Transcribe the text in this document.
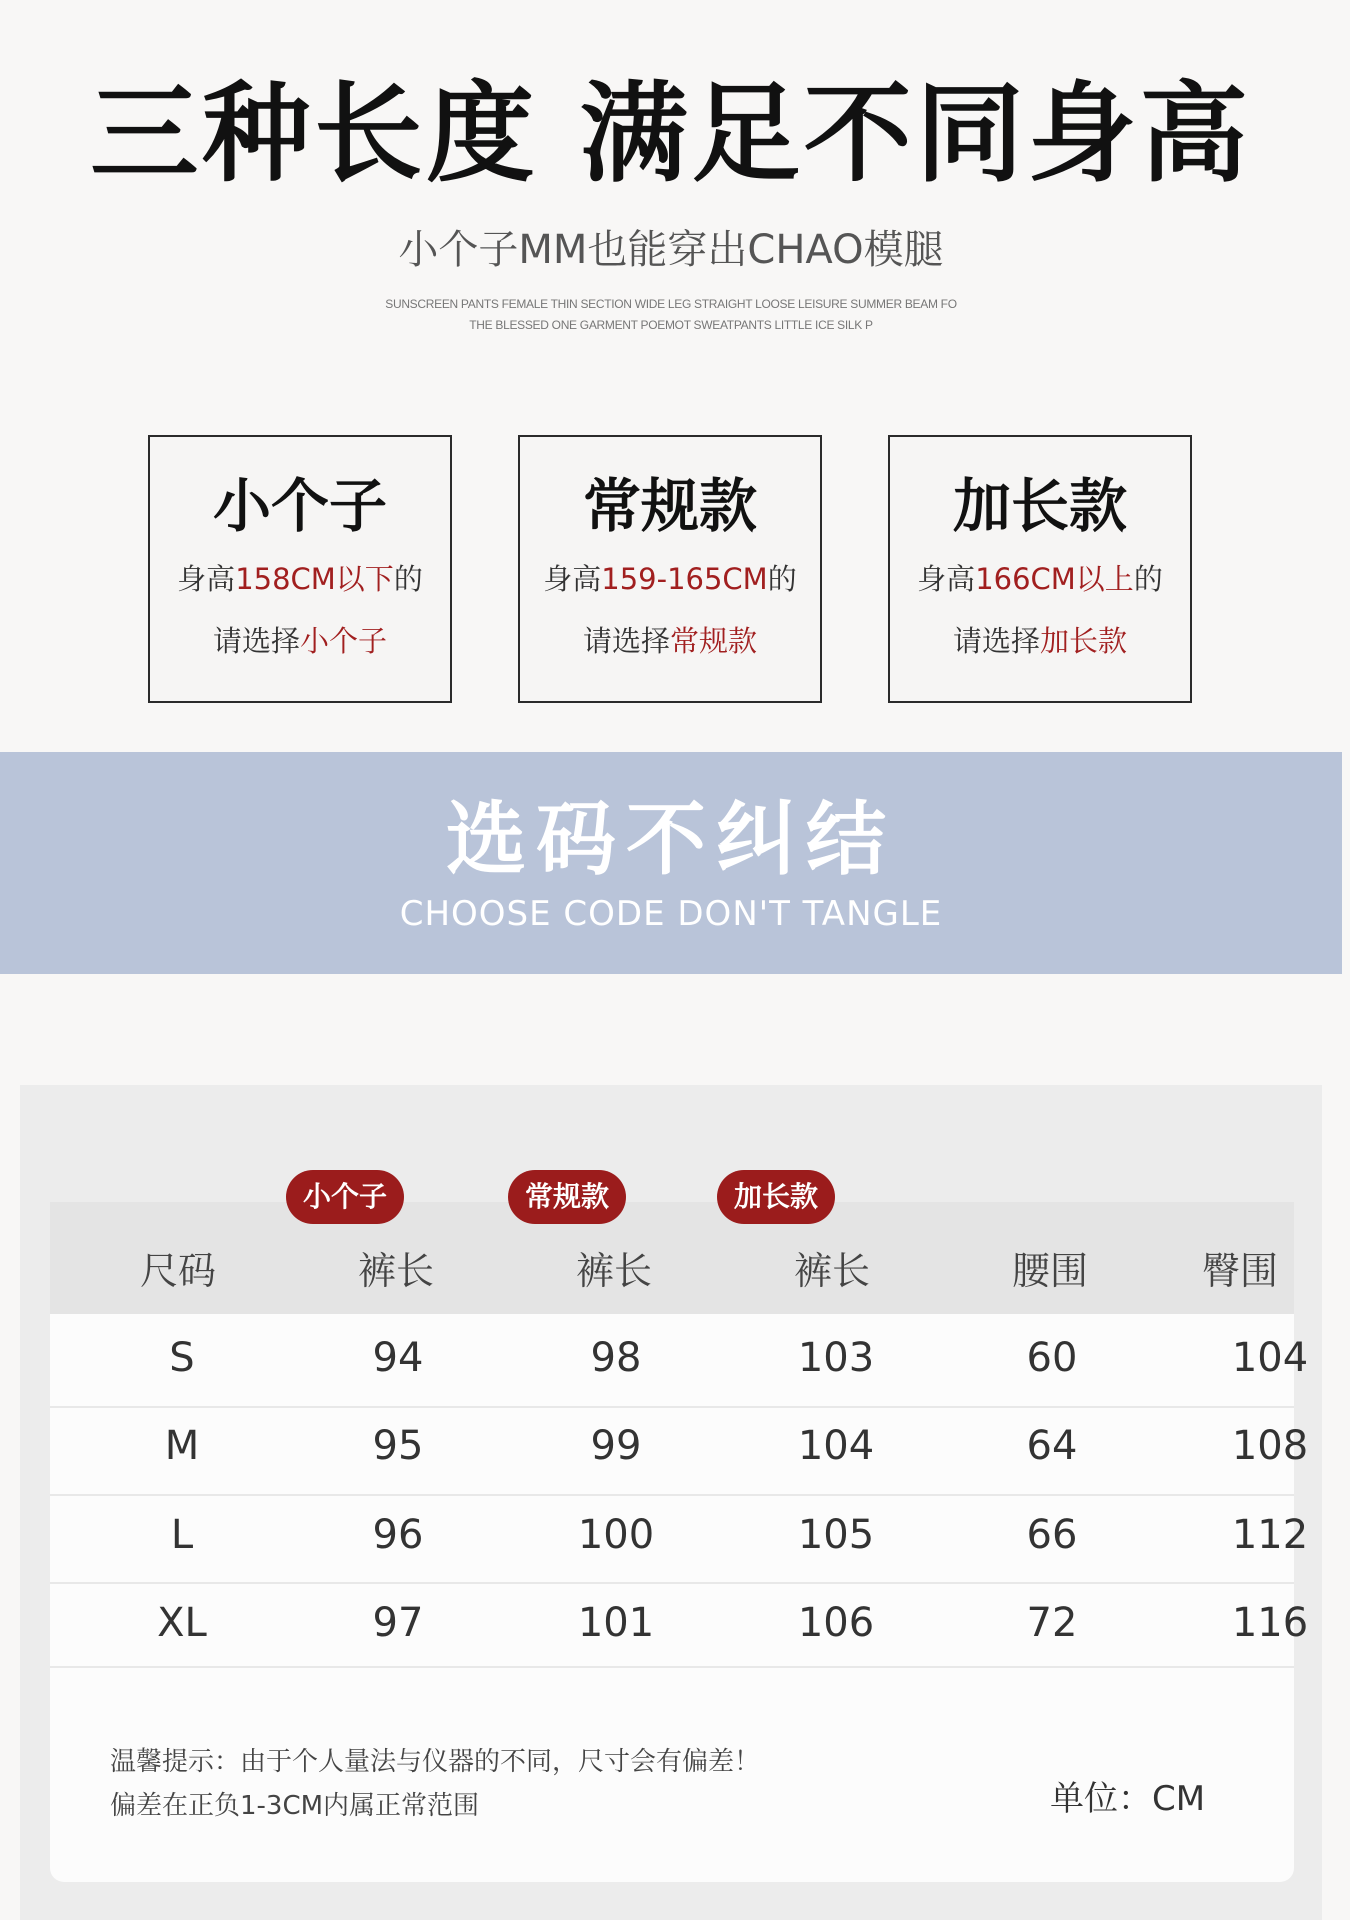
三种长度 满足不同身高
小个子MM也能穿出CHAO模腿
SUNSCREEN PANTS FEMALE THIN SECTION WIDE LEG STRAIGHT LOOSE LEISURE SUMMER BEAM FO
THE BLESSED ONE GARMENT POEMOT SWEATPANTS LITTLE ICE SILK P
小个子
身高158CM以下的
请选择小个子
常规款
身高159-165CM的
请选择常规款
加长款
身高166CM以上的
请选择加长款
选码不纠结
CHOOSE CODE DON'T TANGLE
尺码	裤长	裤长	裤长	腰围	臀围
S	94	98	103	60	104
M	95	99	104	64	108
L	96	100	105	66	112
XL	97	101	106	72	116
小个子	常规款	加长款
温馨提示：由于个人量法与仪器的不同，尺寸会有偏差！
偏差在正负1-3CM内属正常范围	单位：CM
